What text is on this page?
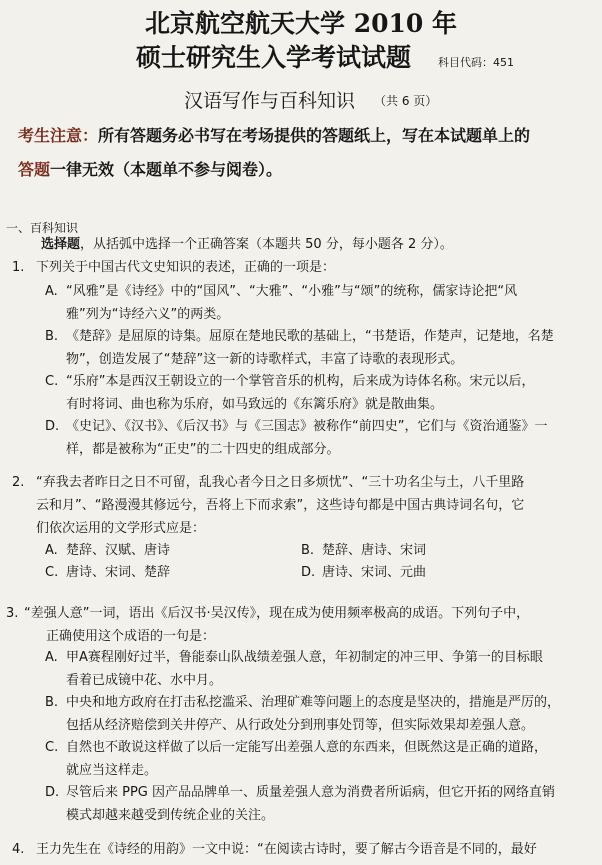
北京航空航天大学 2010 年
硕士研究生入学考试试题 科目代码：451
汉语写作与百科知识 （共 6 页）
考生注意：所有答题务必书写在考场提供的答题纸上，写在本试题单上的
答题一律无效（本题单不参与阅卷）。
一、百科知识
选择题，从括弧中选择一个正确答案（本题共 50 分，每小题各 2 分）。
1. 下列关于中国古代文史知识的表述，正确的一项是：
A. “风雅”是《诗经》中的“国风”、“大雅”、“小雅”与“颂”的统称，儒家诗论把“风
雅”列为“诗经六义”的两类。
B. 《楚辞》是屈原的诗集。屈原在楚地民歌的基础上，“书楚语，作楚声，记楚地，名楚
物”，创造发展了“楚辞”这一新的诗歌样式，丰富了诗歌的表现形式。
C. “乐府”本是西汉王朝设立的一个掌管音乐的机构，后来成为诗体名称。宋元以后，
有时将词、曲也称为乐府，如马致远的《东篱乐府》就是散曲集。
D. 《史记》、《汉书》、《后汉书》与《三国志》被称作“前四史”，它们与《资治通鉴》一
样，都是被称为“正史”的二十四史的组成部分。
2. “弃我去者昨日之日不可留，乱我心者今日之日多烦忧”、“三十功名尘与土，八千里路
云和月”、“路漫漫其修远兮，吾将上下而求索”，这些诗句都是中国古典诗词名句，它
们依次运用的文学形式应是：
A. 楚辞、汉赋、唐诗	B. 楚辞、唐诗、宋词
C. 唐诗、宋词、楚辞	D. 唐诗、宋词、元曲
3. “差强人意”一词，语出《后汉书·吴汉传》，现在成为使用频率极高的成语。下列句子中，
正确使用这个成语的一句是：
A. 甲A赛程刚好过半，鲁能泰山队战绩差强人意，年初制定的冲三甲、争第一的目标眼
看着已成镜中花、水中月。
B. 中央和地方政府在打击私挖滥采、治理矿难等问题上的态度是坚决的，措施是严厉的，
包括从经济赔偿到关井停产、从行政处分到刑事处罚等，但实际效果却差强人意。
C. 自然也不敢说这样做了以后一定能写出差强人意的东西来，但既然这是正确的道路，
就应当这样走。
D. 尽管后来 PPG 因产品品牌单一、质量差强人意为消费者所诟病，但它开拓的网络直销
模式却越来越受到传统企业的关注。
4. 王力先生在《诗经的用韵》一文中说：“在阅读古诗时，要了解古今语音是不同的，最好
